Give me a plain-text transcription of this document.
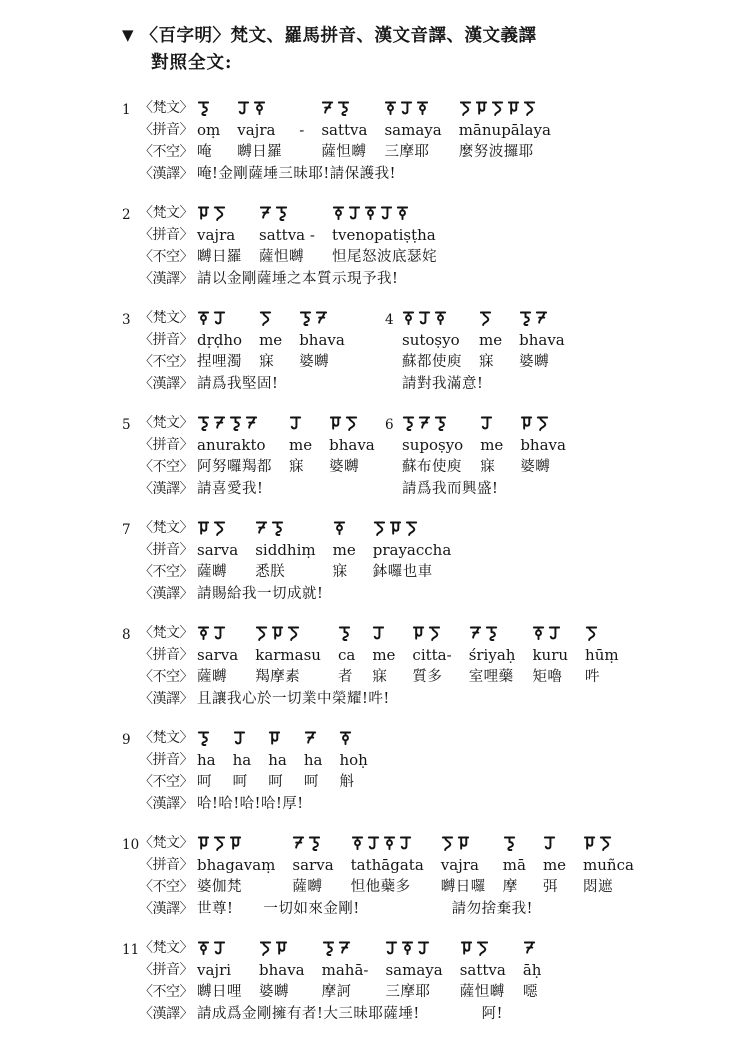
▼ 〈百字明〉梵文、羅馬拼音、漢文音譯、漢文義譯
對照全文:
1 〈梵文〉
〈拼音〉
〈不空〉
〈漢譯〉
oṃ
唵
vajra
嚩日羅
- sattva
薩怛嚩
samaya
三摩耶
mānupālaya
麼努波攞耶
唵!金剛薩埵三昧耶!請保護我!
2 〈梵文〉
〈拼音〉
〈不空〉
〈漢譯〉
vajra
嚩日羅
sattva -
薩怛嚩
tvenopatiṣṭha
怛尾怒波底瑟姹
請以金剛薩埵之本質示現予我!
3 〈梵文〉
〈拼音〉
〈不空〉
〈漢譯〉
dṛḍho
捏哩濁
me
寐
bhava
婆嚩
請爲我堅固!
4
sutoṣyo
蘇都使庾
me
寐
bhava
婆嚩
請對我滿意!
5 〈梵文〉
〈拼音〉
〈不空〉
〈漢譯〉
anurakto
阿努囉羯都
me
寐
bhava
婆嚩
請喜愛我!
6
supoṣyo
蘇布使庾
me
寐
bhava
婆嚩
請爲我而興盛!
7 〈梵文〉
〈拼音〉
〈不空〉
〈漢譯〉
sarva
薩嚩
siddhiṃ
悉朕
me
寐
prayaccha
鉢囉也車
請賜給我一切成就!
8 〈梵文〉
〈拼音〉
〈不空〉
〈漢譯〉
sarva
薩嚩
karmasu
羯摩素
ca
者
me
寐
citta-
質多
śriyaḥ
室哩藥
kuru
矩嚕
hūṃ
吽
且讓我心於一切業中榮耀!吽!
9 〈梵文〉
〈拼音〉
〈不空〉
〈漢譯〉
ha
呵
ha
呵
ha
呵
ha
呵
hoḥ
斛
哈!哈!哈!哈!厚!
10 〈梵文〉
〈拼音〉
〈不空〉
〈漢譯〉
bhagavaṃ
婆伽梵
sarva
薩嚩
tathāgata
怛他蘗多
vajra
嚩日囉
mā
摩
me
弭
muñca
悶遮
世尊! 一切如來金剛!	請勿捨棄我!
11 〈梵文〉
〈拼音〉
〈不空〉
〈漢譯〉
vajri
嚩日哩
bhava
婆嚩
mahā-
摩訶
samaya
三摩耶
sattva
薩怛嚩
āḥ
噁
請成爲金剛擁有者!大三昧耶薩埵!	阿!
